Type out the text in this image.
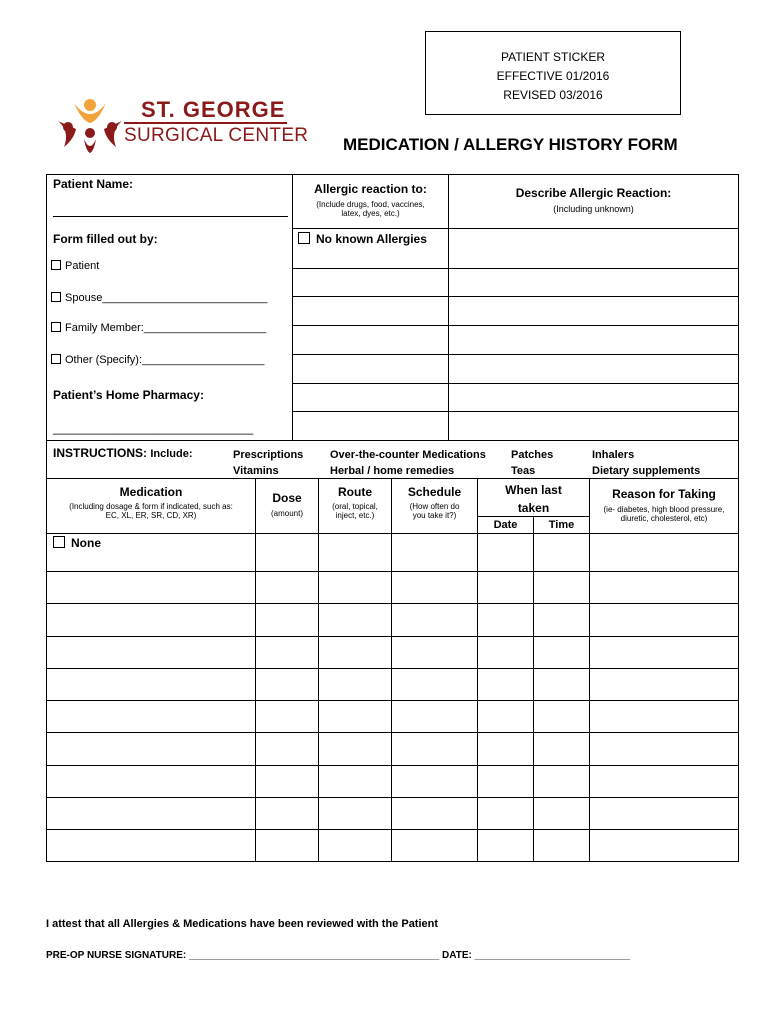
PATIENT STICKER
EFFECTIVE 01/2016
REVISED 03/2016
ST. GEORGE
SURGICAL CENTER MEDICATION / ALLERGY HISTORY FORM
Patient Name:
Form filled out by:
Patient
Spouse___________________________
Family Member:____________________
Other (Specify):____________________
Patient’s Home Pharmacy:
______________________________
Allergic reaction to:
(Include drugs, food, vaccines,
latex, dyes, etc.)
Describe Allergic Reaction:
(Including unknown)
No known Allergies
INSTRUCTIONS: Include:	Prescriptions
Vitamins
Over-the-counter Medications
Herbal / home remedies
Patches
Teas
Inhalers
Dietary supplements
Medication
(Including dosage & form if indicated, such as:
EC, XL, ER, SR, CD, XR)
Dose
(amount)
Route
(oral, topical,
inject, etc.)
Schedule
(How often do
you take it?)
When last
taken
Date	Time
Reason for Taking
(ie- diabetes, high blood pressure,
diuretic, cholesterol, etc)
None
I attest that all Allergies & Medications have been reviewed with the Patient
PRE-OP NURSE SIGNATURE: _____________________________________________ DATE: ____________________________
